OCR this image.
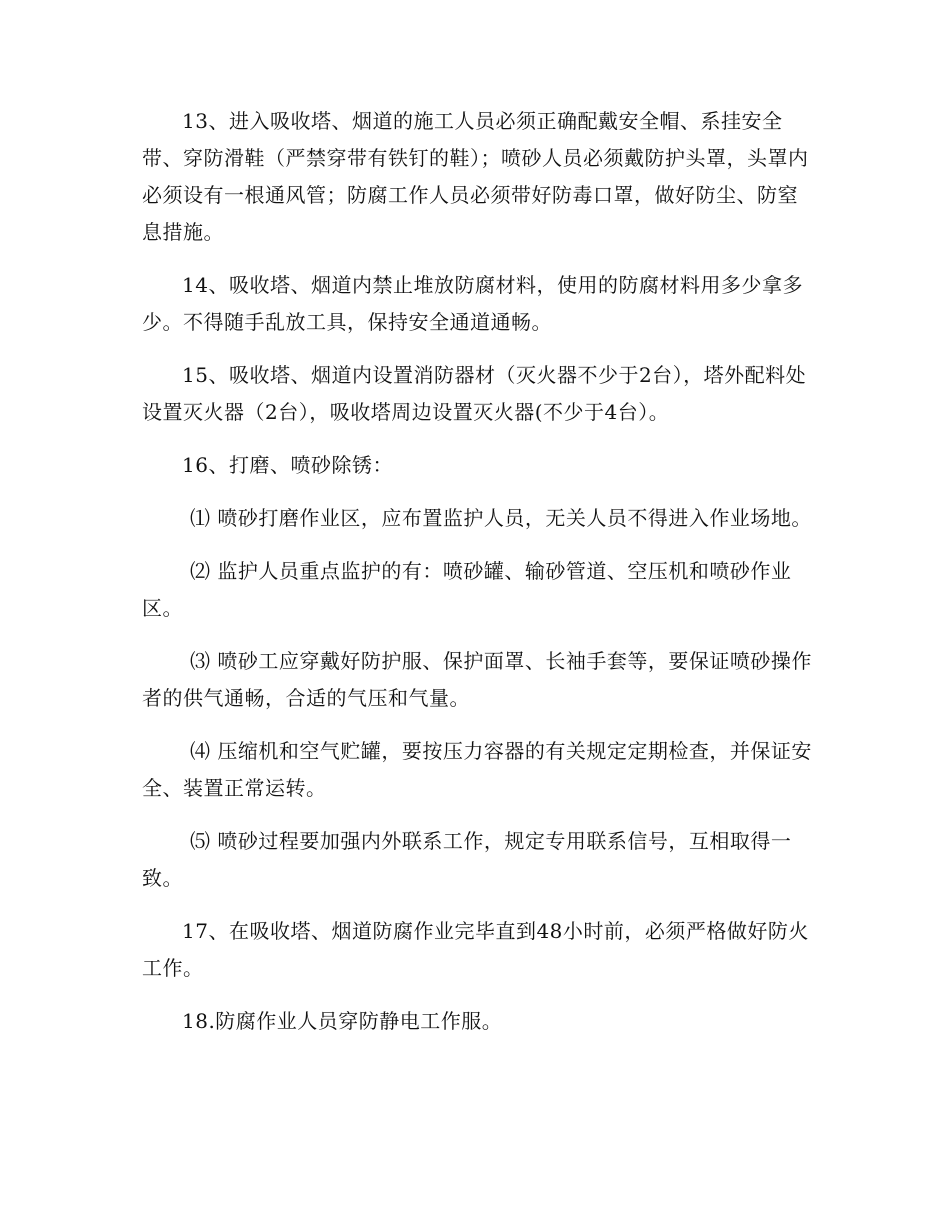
13、进入吸收塔、烟道的施工人员必须正确配戴安全帽、系挂安全带、穿防滑鞋（严禁穿带有铁钉的鞋）；喷砂人员必须戴防护头罩，头罩内必须设有一根通风管；防腐工作人员必须带好防毒口罩，做好防尘、防窒息措施。

14、吸收塔、烟道内禁止堆放防腐材料，使用的防腐材料用多少拿多少。不得随手乱放工具，保持安全通道通畅。

15、吸收塔、烟道内设置消防器材（灭火器不少于2台），塔外配料处设置灭火器（2台），吸收塔周边设置灭火器(不少于4台）。

16、打磨、喷砂除锈：

⑴ 喷砂打磨作业区，应布置监护人员，无关人员不得进入作业场地。

⑵ 监护人员重点监护的有：喷砂罐、输砂管道、空压机和喷砂作业区。

⑶ 喷砂工应穿戴好防护服、保护面罩、长袖手套等，要保证喷砂操作者的供气通畅，合适的气压和气量。

⑷ 压缩机和空气贮罐，要按压力容器的有关规定定期检查，并保证安全、装置正常运转。

⑸ 喷砂过程要加强内外联系工作，规定专用联系信号，互相取得一致。

17、在吸收塔、烟道防腐作业完毕直到48小时前，必须严格做好防火工作。

18.防腐作业人员穿防静电工作服。
